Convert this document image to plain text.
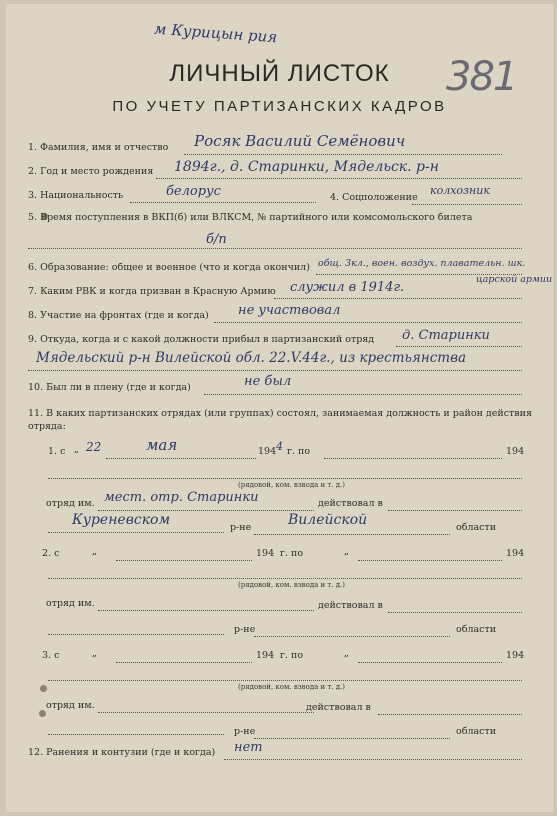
м Курицын рия
ЛИЧНЫЙ ЛИСТОК
ПО УЧЕТУ ПАРТИЗАНСКИХ КАДРОВ
381
1. Фамилия, имя и отчество Росяк Василий Семёнович
2. Год и место рождения 1894г., д. Старинки, Мядельск. р-н
3. Национальность	белорус	4. Соцположение
колхозник
5. Время поступления в ВКП(б) или ВЛКСМ, № партийного или комсомольского билета
б/п
6. Образование: общее и военное (что и когда окончил) общ. 3кл., воен. воздух. плавательн. шк.
царской армии
7. Каким РВК и когда призван в Красную Армию служил в 1914г.
8. Участие на фронтах (где и когда) не участвовал
9. Откуда, когда и с какой должности прибыл в партизанский отряд д. Старинки
Мядельский р-н Вилейской обл. 22.V.44г., из крестьянства
10. Был ли в плену (где и когда)	не был
11. В каких партизанских отрядах (или группах) состоял, занимаемая должность и район действия отряда:
1. с „ 22	мая	194 4 г. по	194
(рядовой, ком. взвода и т. д.)
отряд им. мест. отр. Старинки	действовал в
Куреневском	р-не	Вилейской	области
2. с	„	194 г. по	„	194
(рядовой, ком. взвода и т. д.)
отряд им.	действовал в
р-не	области
3. с	„	194 г. по	„	194
(рядовой, ком. взвода и т. д.)
отряд им.	действовал в
р-не	области
12. Ранения и контузии (где и когда) нет
